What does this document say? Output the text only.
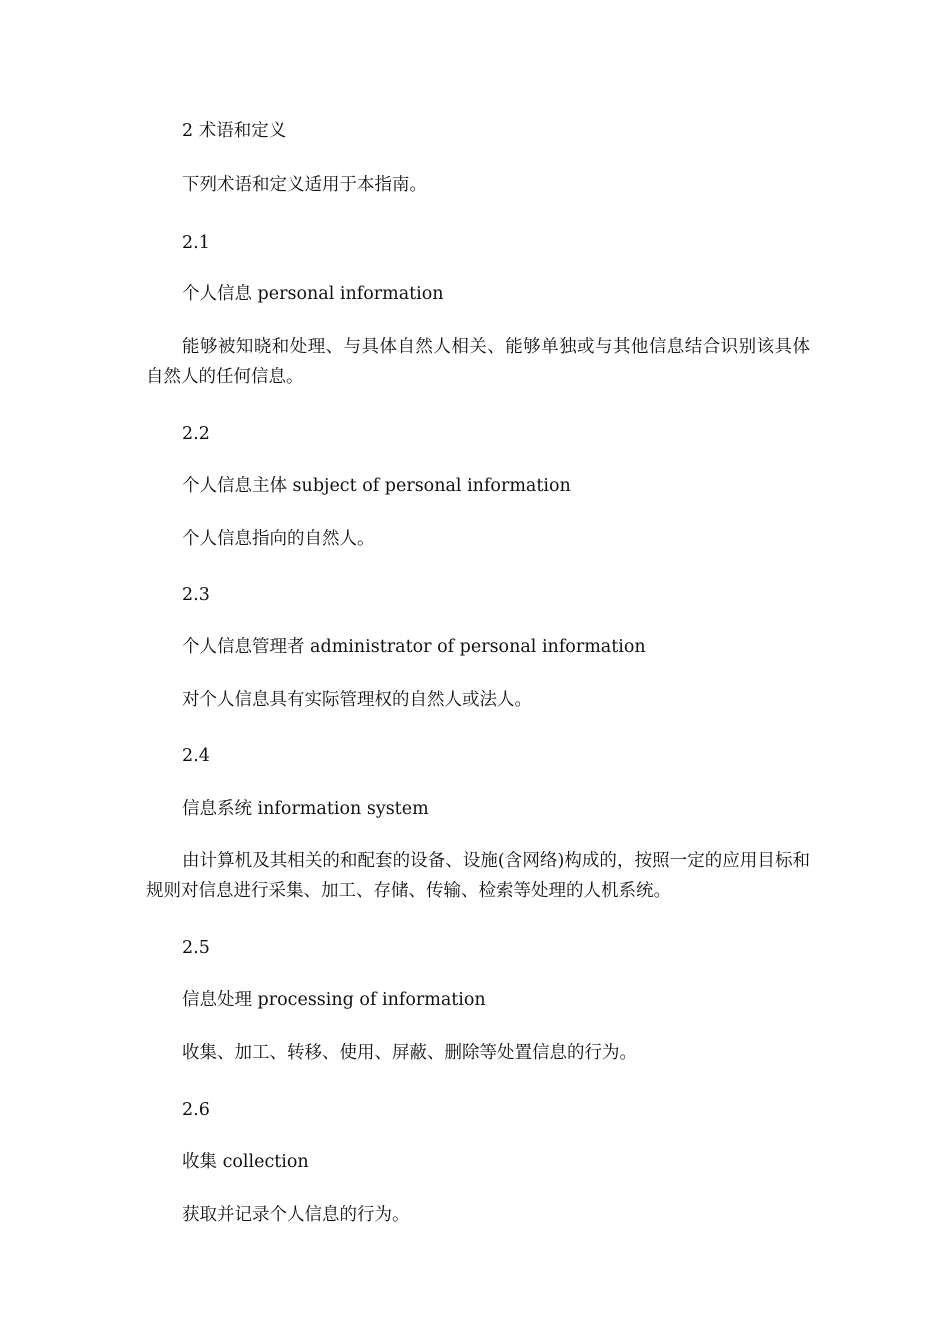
2 术语和定义
下列术语和定义适用于本指南。
2.1
个人信息 personal information
能够被知晓和处理、与具体自然人相关、能够单独或与其他信息结合识别该具体自然人的任何信息。
2.2
个人信息主体 subject of personal information
个人信息指向的自然人。
2.3
个人信息管理者 administrator of personal information
对个人信息具有实际管理权的自然人或法人。
2.4
信息系统 information system
由计算机及其相关的和配套的设备、设施(含网络)构成的，按照一定的应用目标和规则对信息进行采集、加工、存储、传输、检索等处理的人机系统。
2.5
信息处理 processing of information
收集、加工、转移、使用、屏蔽、删除等处置信息的行为。
2.6
收集 collection
获取并记录个人信息的行为。
